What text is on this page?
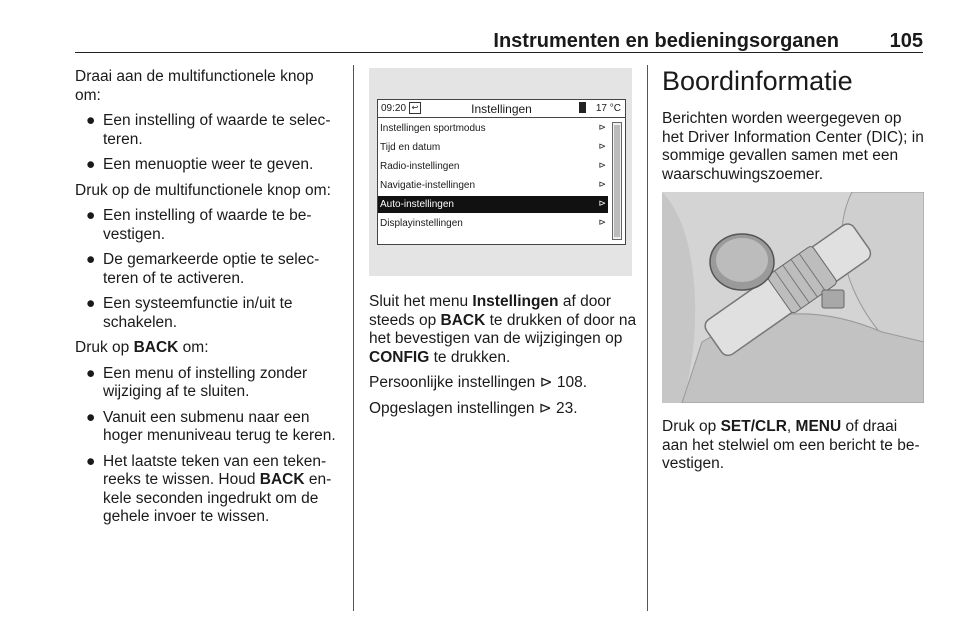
Instrumenten en bedieningsorganen	105

Draai aan de multifunctionele knop om:

● Een instelling of waarde te selecteren.
● Een menuoptie weer te geven.

Druk op de multifunctionele knop om:

● Een instelling of waarde te bevestigen.
● De gemarkeerde optie te selecteren of te activeren.
● Een systeemfunctie in/uit te schakelen.

Druk op BACK om:

● Een menu of instelling zonder wijziging af te sluiten.
● Vanuit een submenu naar een hoger menuniveau terug te keren.
● Het laatste teken van een tekenreeks te wissen. Houd BACK enkele seconden ingedrukt om de gehele invoer te wissen.
09:20 ↩	Instellingen	17 °C
Instellingen sportmodus	⊳
Tijd en datum	⊳
Radio-instellingen	⊳
Navigatie-instellingen	⊳
Auto-instellingen	⊳
Displayinstellingen	⊳

Sluit het menu Instellingen af door steeds op BACK te drukken of door na het bevestigen van de wijzigingen op CONFIG te drukken.

Persoonlijke instellingen ⊳ 108.

Opgeslagen instellingen ⊳ 23.

Boordinformatie

Berichten worden weergegeven op het Driver Information Center (DIC); in sommige gevallen samen met een waarschuwingszoemer.

Druk op SET/CLR, MENU of draai aan het stelwiel om een bericht te bevestigen.
